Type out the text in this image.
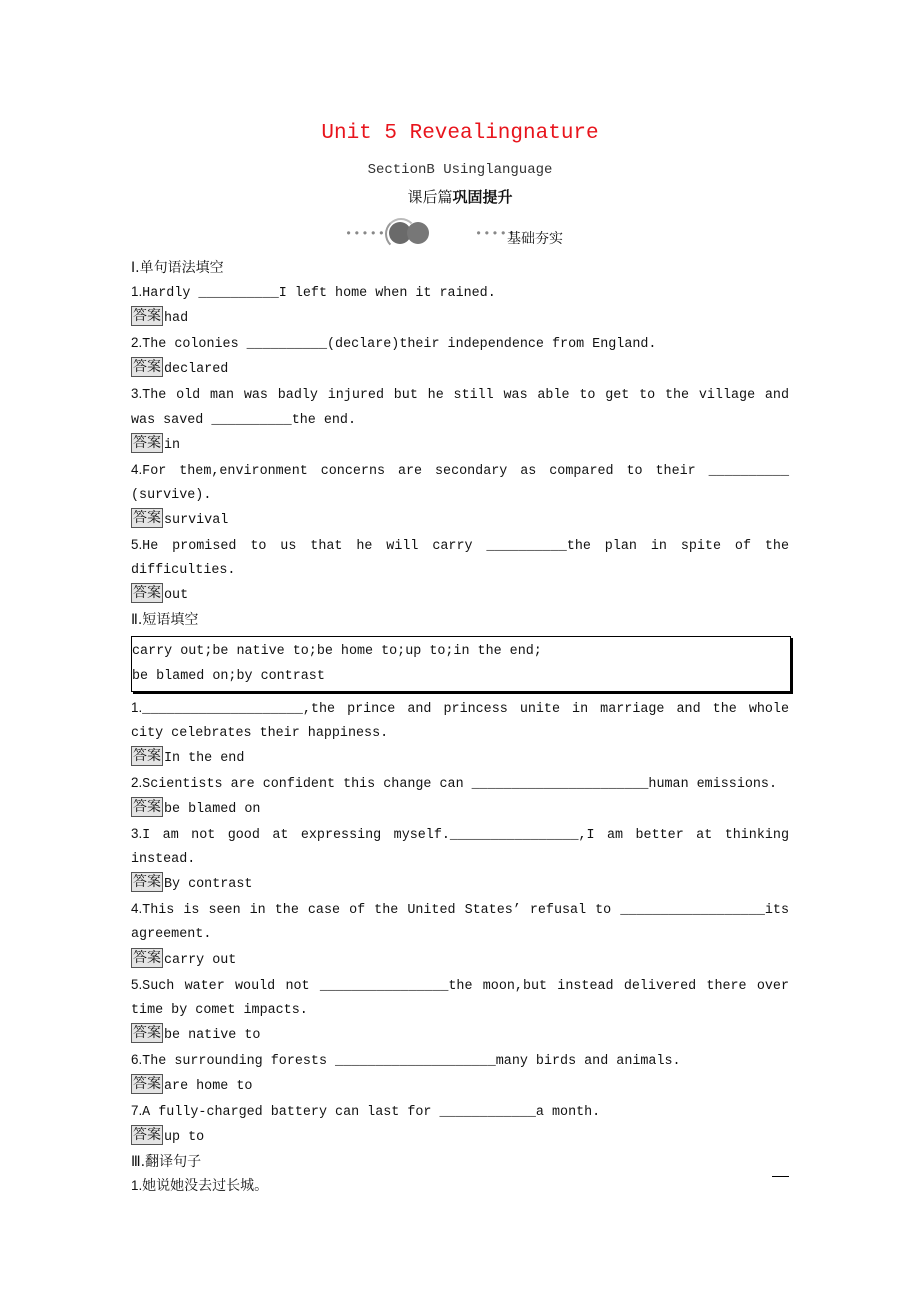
Unit 5 Revealingnature
SectionB Usinglanguage
课后篇巩固提升
•••••	•••••
基础夯实

Ⅰ.单句语法填空

1.Hardly __________I left home when it rained.

答案 had

2.The colonies __________(declare)their independence from England.

答案 declared

3.The old man was badly injured but he still was able to get to the village and was saved __________the end.

答案 in

4.For them,environment concerns are secondary as compared to their __________ (survive).

答案 survival

5.He promised to us that he will carry __________the plan in spite of the difficulties.

答案 out

Ⅱ.短语填空

carry out;be native to;be home to;up to;in the end;

be blamed on;by contrast

1.____________________,the prince and princess unite in marriage and the whole city celebrates their happiness.

答案 In the end

2.Scientists are confident this change can ______________________human emissions.

答案 be blamed on

3.I am not good at expressing myself.________________,I am better at thinking instead.

答案 By contrast

4.This is seen in the case of the United States’ refusal to __________________its agreement.

答案 carry out

5.Such water would not ________________the moon,but instead delivered there over time by comet impacts.

答案 be native to

6.The surrounding forests ____________________many birds and animals.

答案 are home to

7.A fully-charged battery can last for ____________a month.

答案 up to

Ⅲ.翻译句子

1.她说她没去过长城。
